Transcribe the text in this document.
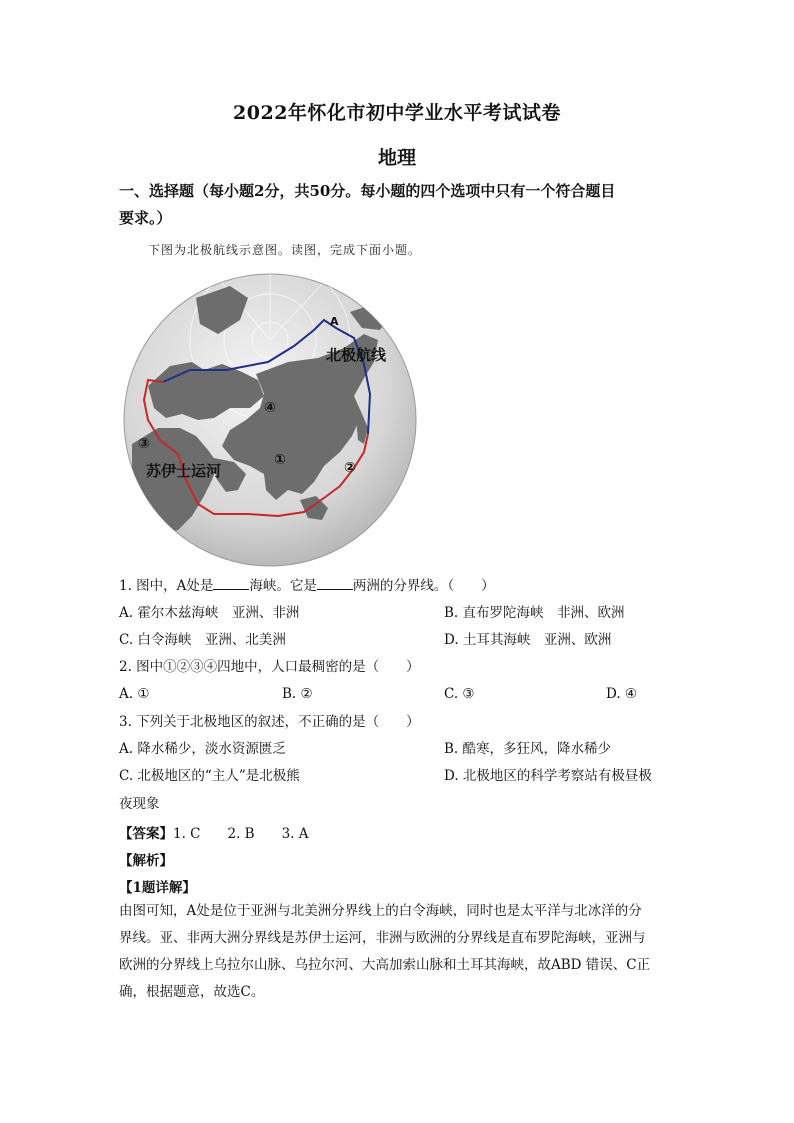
2022年怀化市初中学业水平考试试卷
地理
一、选择题（每小题2分，共50分。每小题的四个选项中只有一个符合题目
要求。）
下图为北极航线示意图。读图，完成下面小题。
A
北极航线
苏伊士运河
④
③
①	②
1. 图中，A处是	海峡。它是	两洲的分界线。（　　）
A. 霍尔木兹海峡　亚洲、非洲	B. 直布罗陀海峡　非洲、欧洲
C. 白令海峡　亚洲、北美洲	D. 土耳其海峡　亚洲、欧洲
2. 图中①②③④四地中，人口最稠密的是（　　）
A. ①	B. ②	C. ③	D. ④
3. 下列关于北极地区的叙述，不正确的是（　　）
A. 降水稀少，淡水资源匮乏	B. 酷寒，多狂风，降水稀少
C. 北极地区的“主人”是北极熊	D. 北极地区的科学考察站有极昼极
夜现象
【答案】1. C　　2. B　　3. A
【解析】
【1题详解】
由图可知，A处是位于亚洲与北美洲分界线上的白令海峡，同时也是太平洋与北冰洋的分
界线。亚、非两大洲分界线是苏伊士运河，非洲与欧洲的分界线是直布罗陀海峡，亚洲与
欧洲的分界线上乌拉尔山脉、乌拉尔河、大高加索山脉和土耳其海峡，故ABD 错误、C正
确，根据题意，故选C。
